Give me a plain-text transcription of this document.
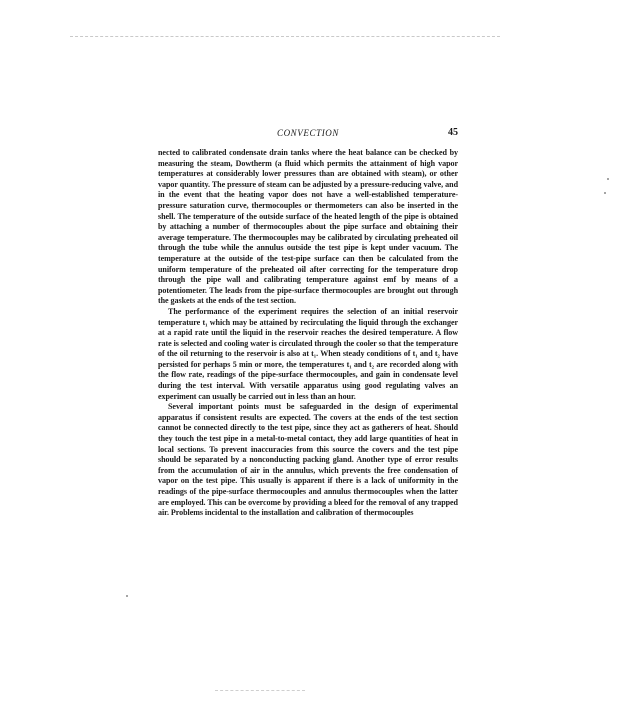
CONVECTION	45

nected to calibrated condensate drain tanks where the heat balance can be checked by measuring the steam, Dowtherm (a fluid which permits the attainment of high vapor temperatures at considerably lower pressures than are obtained with steam), or other vapor quantity. The pressure of steam can be adjusted by a pressure-reducing valve, and in the event that the heating vapor does not have a well-established temperature-pressure saturation curve, thermocouples or thermometers can also be inserted in the shell. The temperature of the outside surface of the heated length of the pipe is obtained by attaching a number of thermocouples about the pipe surface and obtaining their average temperature. The thermocouples may be calibrated by circulating preheated oil through the tube while the annulus outside the test pipe is kept under vacuum. The temperature at the outside of the test-pipe surface can then be calculated from the uniform temperature of the preheated oil after correcting for the temperature drop through the pipe wall and calibrating temperature against emf by means of a potentiometer. The leads from the pipe-surface thermocouples are brought out through the gaskets at the ends of the test section.

The performance of the experiment requires the selection of an initial reservoir temperature t₁ which may be attained by recirculating the liquid through the exchanger at a rapid rate until the liquid in the reservoir reaches the desired temperature. A flow rate is selected and cooling water is circulated through the cooler so that the temperature of the oil returning to the reservoir is also at t₁. When steady conditions of t₁ and t₂ have persisted for perhaps 5 min or more, the temperatures t₁ and t₂ are recorded along with the flow rate, readings of the pipe-surface thermocouples, and gain in condensate level during the test interval. With versatile apparatus using good regulating valves an experiment can usually be carried out in less than an hour.

Several important points must be safeguarded in the design of experimental apparatus if consistent results are expected. The covers at the ends of the test section cannot be connected directly to the test pipe, since they act as gatherers of heat. Should they touch the test pipe in a metal-to-metal contact, they add large quantities of heat in local sections. To prevent inaccuracies from this source the covers and the test pipe should be separated by a nonconducting packing gland. Another type of error results from the accumulation of air in the annulus, which prevents the free condensation of vapor on the test pipe. This usually is apparent if there is a lack of uniformity in the readings of the pipe-surface thermocouples and annulus thermocouples when the latter are employed. This can be overcome by providing a bleed for the removal of any trapped air. Problems incidental to the installation and calibration of thermocouples
